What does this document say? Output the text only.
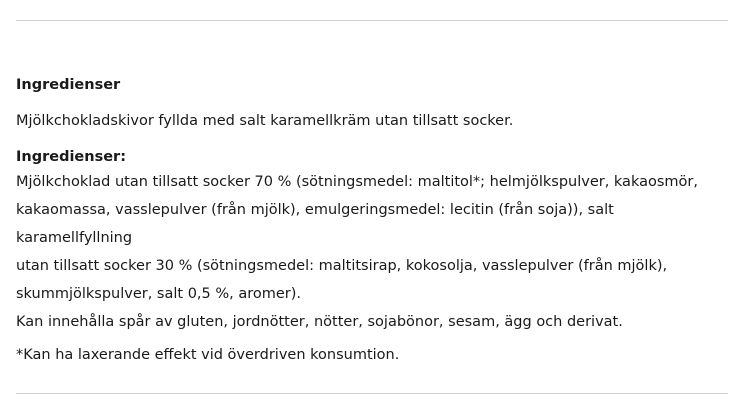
Ingredienser

Mjölkchokladskivor fyllda med salt karamellkräm utan tillsatt socker.

Ingredienser:

Mjölkchoklad utan tillsatt socker 70 % (sötningsmedel: maltitol*; helmjölkspulver, kakaosmör,
kakaomassa, vasslepulver (från mjölk), emulgeringsmedel: lecitin (från soja)), salt karamellfyllning
utan tillsatt socker 30 % (sötningsmedel: maltitsirap, kokosolja, vasslepulver (från mjölk),
skummjölkspulver, salt 0,5 %, aromer).
Kan innehålla spår av gluten, jordnötter, nötter, sojabönor, sesam, ägg och derivat.

*Kan ha laxerande effekt vid överdriven konsumtion.
